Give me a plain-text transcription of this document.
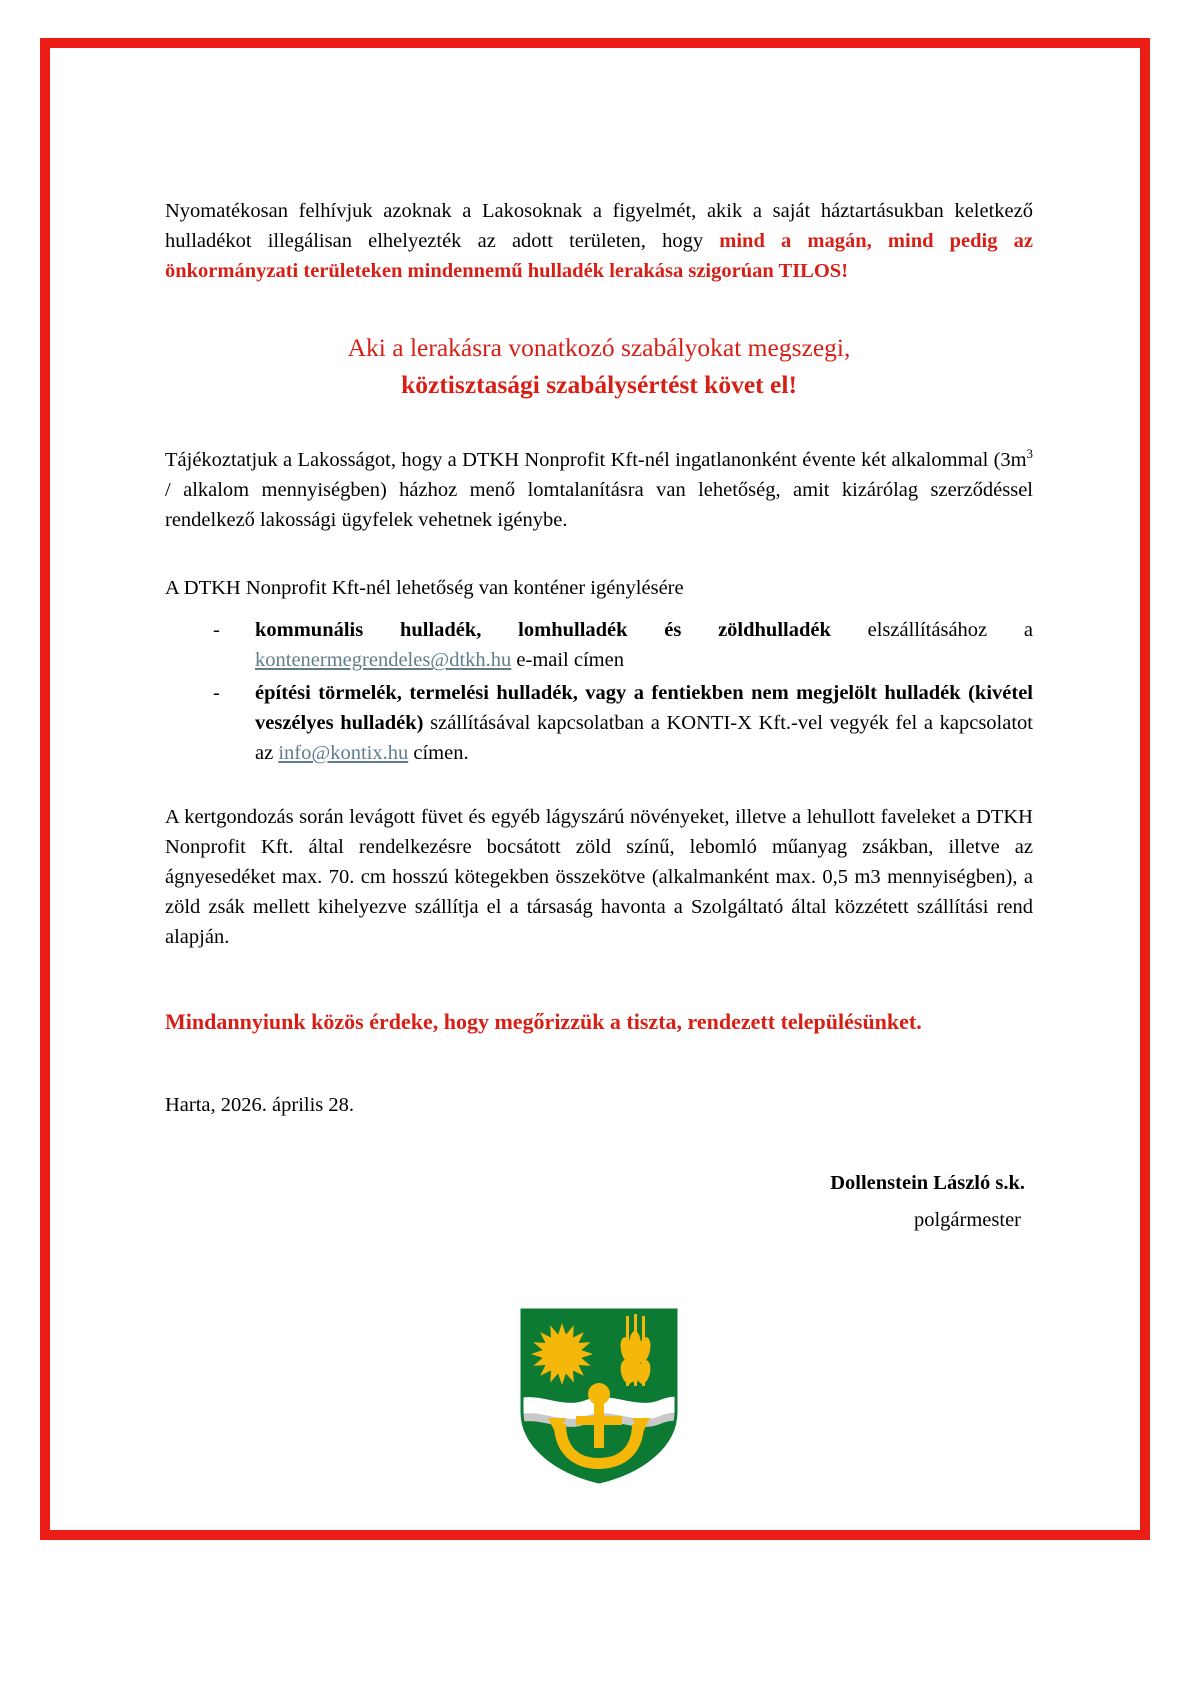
Nyomatékosan felhívjuk azoknak a Lakosoknak a figyelmét, akik a saját háztartásukban keletkező hulladékot illegálisan elhelyezték az adott területen, hogy mind a magán, mind pedig az önkormányzati területeken mindennemű hulladék lerakása szigorúan TILOS!

Aki a lerakásra vonatkozó szabályokat megszegi,
köztisztasági szabálysértést követ el!

Tájékoztatjuk a Lakosságot, hogy a DTKH Nonprofit Kft-nél ingatlanonként évente két alkalommal ($3m^3$ / alkalom mennyiségben) házhoz menő lomtalanításra van lehetőség, amit kizárólag szerződéssel rendelkező lakossági ügyfelek vehetnek igénybe.

A DTKH Nonprofit Kft-nél lehetőség van konténer igénylésére

- kommunális hulladék, lomhulladék és zöldhulladék elszállításához a kontenermegrendeles@dtkh.hu e-mail címen
- építési törmelék, termelési hulladék, vagy a fentiekben nem megjelölt hulladék (kivétel veszélyes hulladék) szállításával kapcsolatban a KONTI-X Kft.-vel vegyék fel a kapcsolatot az info@kontix.hu címen.

A kertgondozás során levágott füvet és egyéb lágyszárú növényeket, illetve a lehullott faveleket a DTKH Nonprofit Kft. által rendelkezésre bocsátott zöld színű, lebomló műanyag zsákban, illetve az ágnyesedéket max. 70. cm hosszú kötegekben összekötve (alkalmanként max. 0,5 m3 mennyiségben), a zöld zsák mellett kihelyezve szállítja el a társaság havonta a Szolgáltató által közzétett szállítási rend alapján.

Mindannyiunk közös érdeke, hogy megőrizzük a tiszta, rendezett településünket.

Harta, 2026. április 28.

Dollenstein László s.k.
polgármester
